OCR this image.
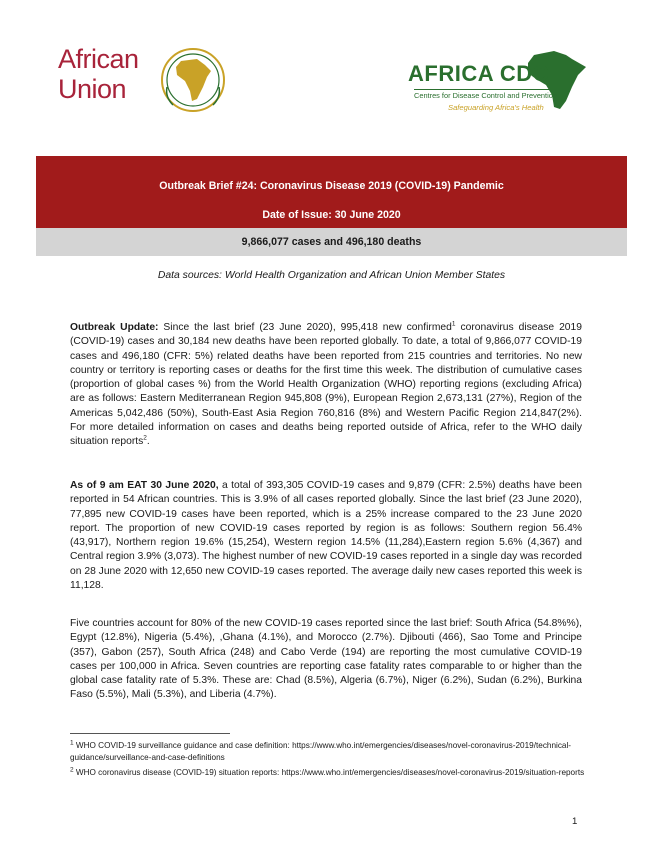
African
Union
AFRICA CDC
Centres for Disease Control and Prevention
Safeguarding Africa's Health
Outbreak Brief #24: Coronavirus Disease 2019 (COVID-19) Pandemic
Date of Issue: 30 June 2020
9,866,077 cases and 496,180 deaths
Data sources: World Health Organization and African Union Member States

Outbreak Update: Since the last brief (23 June 2020), 995,418 new confirmed$^1$ coronavirus disease 2019 (COVID-19) cases and 30,184 new deaths have been reported globally. To date, a total of 9,866,077 COVID-19 cases and 496,180 (CFR: 5%) related deaths have been reported from 215 countries and territories. No new country or territory is reporting cases or deaths for the first time this week. The distribution of cumulative cases (proportion of global cases %) from the World Health Organization (WHO) reporting regions (excluding Africa) are as follows: Eastern Mediterranean Region 945,808 (9%), European Region 2,673,131 (27%), Region of the Americas 5,042,486 (50%), South-East Asia Region 760,816 (8%) and Western Pacific Region 214,847(2%). For more detailed information on cases and deaths being reported outside of Africa, refer to the WHO daily situation reports$^2$.

As of 9 am EAT 30 June 2020, a total of 393,305 COVID-19 cases and 9,879 (CFR: 2.5%) deaths have been reported in 54 African countries. This is 3.9% of all cases reported globally. Since the last brief (23 June 2020), 77,895 new COVID-19 cases have been reported, which is a 25% increase compared to the 23 June 2020 report. The proportion of new COVID-19 cases reported by region is as follows: Southern region 56.4% (43,917), Northern region 19.6% (15,254), Western region 14.5% (11,284),Eastern region 5.6% (4,367) and Central region 3.9% (3,073). The highest number of new COVID-19 cases reported in a single day was recorded on 28 June 2020 with 12,650 new COVID-19 cases reported. The average daily new cases reported this week is 11,128.

Five countries account for 80% of the new COVID-19 cases reported since the last brief: South Africa (54.8%%), Egypt (12.8%), Nigeria (5.4%), ,Ghana (4.1%), and Morocco (2.7%). Djibouti (466), Sao Tome and Principe (357), Gabon (257), South Africa (248) and Cabo Verde (194) are reporting the most cumulative COVID-19 cases per 100,000 in Africa. Seven countries are reporting case fatality rates comparable to or higher than the global case fatality rate of 5.3%. These are: Chad (8.5%), Algeria (6.7%), Niger (6.2%), Sudan (6.2%), Burkina Faso (5.5%), Mali (5.3%), and Liberia (4.7%).

$^1$ WHO COVID-19 surveillance guidance and case definition: https://www.who.int/emergencies/diseases/novel-coronavirus-2019/technical-guidance/surveillance-and-case-definitions

$^2$ WHO coronavirus disease (COVID-19) situation reports: https://www.who.int/emergencies/diseases/novel-coronavirus-2019/situation-reports

1
